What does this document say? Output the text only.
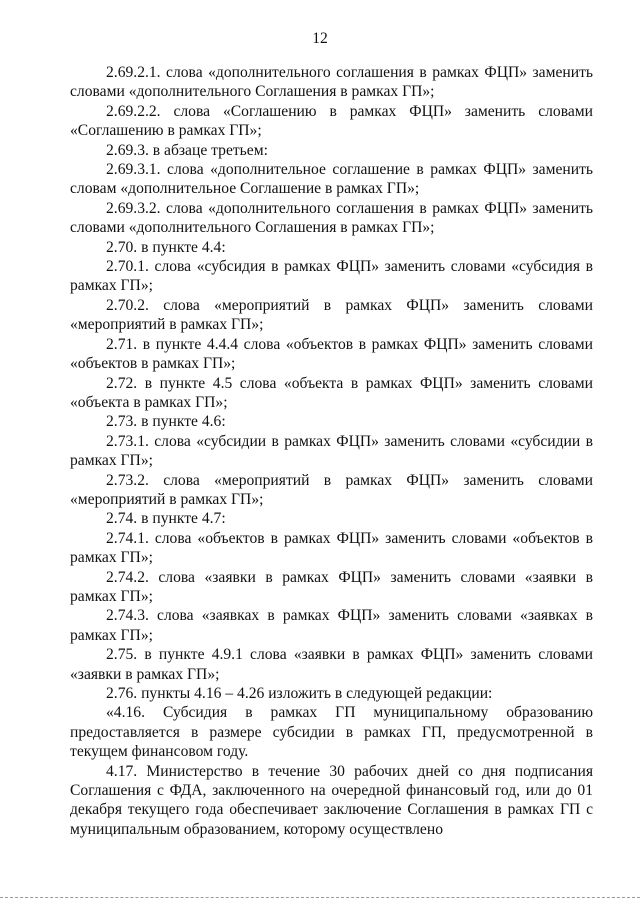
12

2.69.2.1. слова «дополнительного соглашения в рамках ФЦП» заменить словами «дополнительного Соглашения в рамках ГП»;

2.69.2.2. слова «Соглашению в рамках ФЦП» заменить словами «Соглашению в рамках ГП»;

2.69.3. в абзаце третьем:

2.69.3.1. слова «дополнительное соглашение в рамках ФЦП» заменить словам «дополнительное Соглашение в рамках ГП»;

2.69.3.2. слова «дополнительного соглашения в рамках ФЦП» заменить словами «дополнительного Соглашения в рамках ГП»;

2.70. в пункте 4.4:

2.70.1. слова «субсидия в рамках ФЦП» заменить словами «субсидия в рамках ГП»;

2.70.2. слова «мероприятий в рамках ФЦП» заменить словами «мероприятий в рамках ГП»;

2.71. в пункте 4.4.4 слова «объектов в рамках ФЦП» заменить словами «объектов в рамках ГП»;

2.72. в пункте 4.5 слова «объекта в рамках ФЦП» заменить словами «объекта в рамках ГП»;

2.73. в пункте 4.6:

2.73.1. слова «субсидии в рамках ФЦП» заменить словами «субсидии в рамках ГП»;

2.73.2. слова «мероприятий в рамках ФЦП» заменить словами «мероприятий в рамках ГП»;

2.74. в пункте 4.7:

2.74.1. слова «объектов в рамках ФЦП» заменить словами «объектов в рамках ГП»;

2.74.2. слова «заявки в рамках ФЦП» заменить словами «заявки в рамках ГП»;

2.74.3. слова «заявках в рамках ФЦП» заменить словами «заявках в рамках ГП»;

2.75. в пункте 4.9.1 слова «заявки в рамках ФЦП» заменить словами «заявки в рамках ГП»;

2.76. пункты 4.16 – 4.26 изложить в следующей редакции:

«4.16. Субсидия в рамках ГП муниципальному образованию предоставляется в размере субсидии в рамках ГП, предусмотренной в текущем финансовом году.

4.17. Министерство в течение 30 рабочих дней со дня подписания Соглашения с ФДА, заключенного на очередной финансовый год, или до 01 декабря текущего года обеспечивает заключение Соглашения в рамках ГП с муниципальным образованием, которому осуществлено
